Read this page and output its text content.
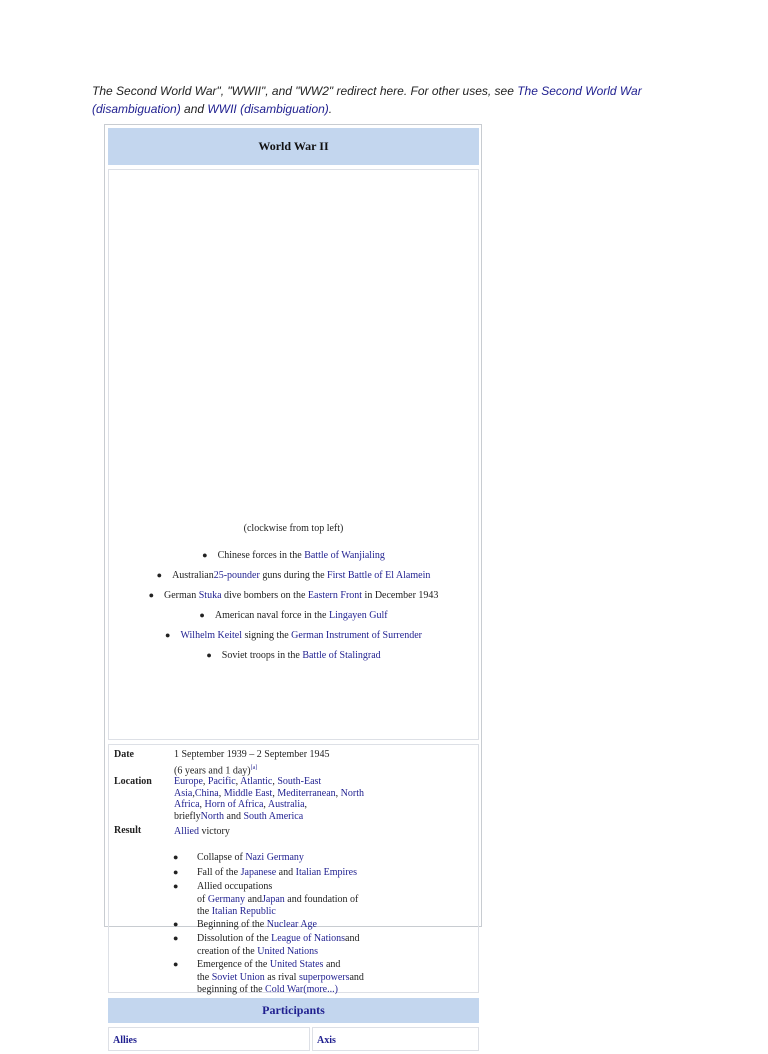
The Second World War", "WWII", and "WW2" redirect here. For other uses, see The Second World War (disambiguation) and WWII (disambiguation).
World War II
(clockwise from top left)
● Chinese forces in the Battle of Wanjialing
● Australian25-pounder guns during the First Battle of El Alamein
● German Stuka dive bombers on the Eastern Front in December 1943
● American naval force in the Lingayen Gulf
● Wilhelm Keitel signing the German Instrument of Surrender
● Soviet troops in the Battle of Stalingrad
Date	1 September 1939 – 2 September 1945
(6 years and 1 day)[a]
Location Europe, Pacific, Atlantic, South-East
Asia,China, Middle East, Mediterranean, North
Africa, Horn of Africa, Australia,
brieflyNorth and South America
Result	Allied victory
● Collapse of Nazi Germany
● Fall of the Japanese and Italian Empires
● Allied occupations
of Germany andJapan and foundation of
the Italian Republic
● Beginning of the Nuclear Age
● Dissolution of the League of Nationsand
creation of the United Nations
● Emergence of the United States and
the Soviet Union as rival superpowersand
beginning of the Cold War(more...)
Participants
Allies	Axis
